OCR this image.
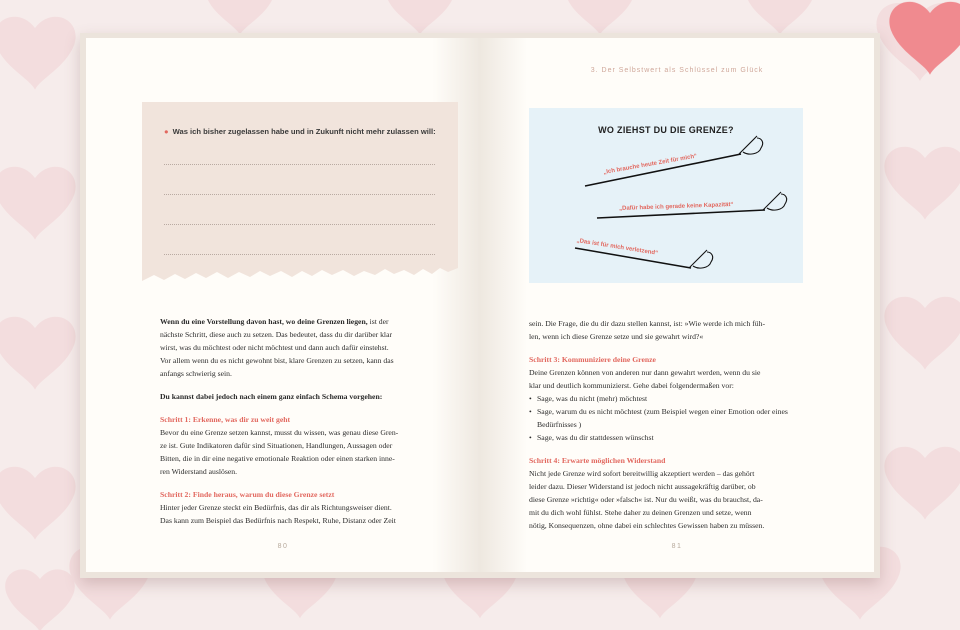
● Was ich bisher zugelassen habe und in Zukunft nicht mehr zulassen will:

Wenn du eine Vorstellung davon hast, wo deine Grenzen liegen, ist der

nächste Schritt, diese auch zu setzen. Das bedeutet, dass du dir darüber klar

wirst, was du möchtest oder nicht möchtest und dann auch dafür einstehst.

Vor allem wenn du es nicht gewohnt bist, klare Grenzen zu setzen, kann das

anfangs schwierig sein.

Du kannst dabei jedoch nach einem ganz einfach Schema vorgehen:

Schritt 1: Erkenne, was dir zu weit geht

Bevor du eine Grenze setzen kannst, musst du wissen, was genau diese Gren-

ze ist. Gute Indikatoren dafür sind Situationen, Handlungen, Aussagen oder

Bitten, die in dir eine negative emotionale Reaktion oder einen starken inne-

ren Widerstand auslösen.

Schritt 2: Finde heraus, warum du diese Grenze setzt

Hinter jeder Grenze steckt ein Bedürfnis, das dir als Richtungsweiser dient.

Das kann zum Beispiel das Bedürfnis nach Respekt, Ruhe, Distanz oder Zeit

80
3. Der Selbstwert als Schlüssel zum Glück
WO ZIEHST DU DIE GRENZE?
„Ich brauche heute Zeit für mich“
„Dafür habe ich gerade keine Kapazität“
„Das ist für mich verletzend“

sein. Die Frage, die du dir dazu stellen kannst, ist: »Wie werde ich mich füh-

len, wenn ich diese Grenze setze und sie gewahrt wird?«

Schritt 3: Kommuniziere deine Grenze

Deine Grenzen können von anderen nur dann gewahrt werden, wenn du sie

klar und deutlich kommunizierst. Gehe dabei folgendermaßen vor:

• Sage, was du nicht (mehr) möchtest
• Sage, warum du es nicht möchtest (zum Beispiel wegen einer Emotion oder eines Bedürfnisses )
• Sage, was du dir stattdessen wünschst

Schritt 4: Erwarte möglichen Widerstand

Nicht jede Grenze wird sofort bereitwillig akzeptiert werden – das gehört

leider dazu. Dieser Widerstand ist jedoch nicht aussagekräftig darüber, ob

diese Grenze »richtig« oder »falsch« ist. Nur du weißt, was du brauchst, da-

mit du dich wohl fühlst. Stehe daher zu deinen Grenzen und setze, wenn

nötig, Konsequenzen, ohne dabei ein schlechtes Gewissen haben zu müssen.

81
